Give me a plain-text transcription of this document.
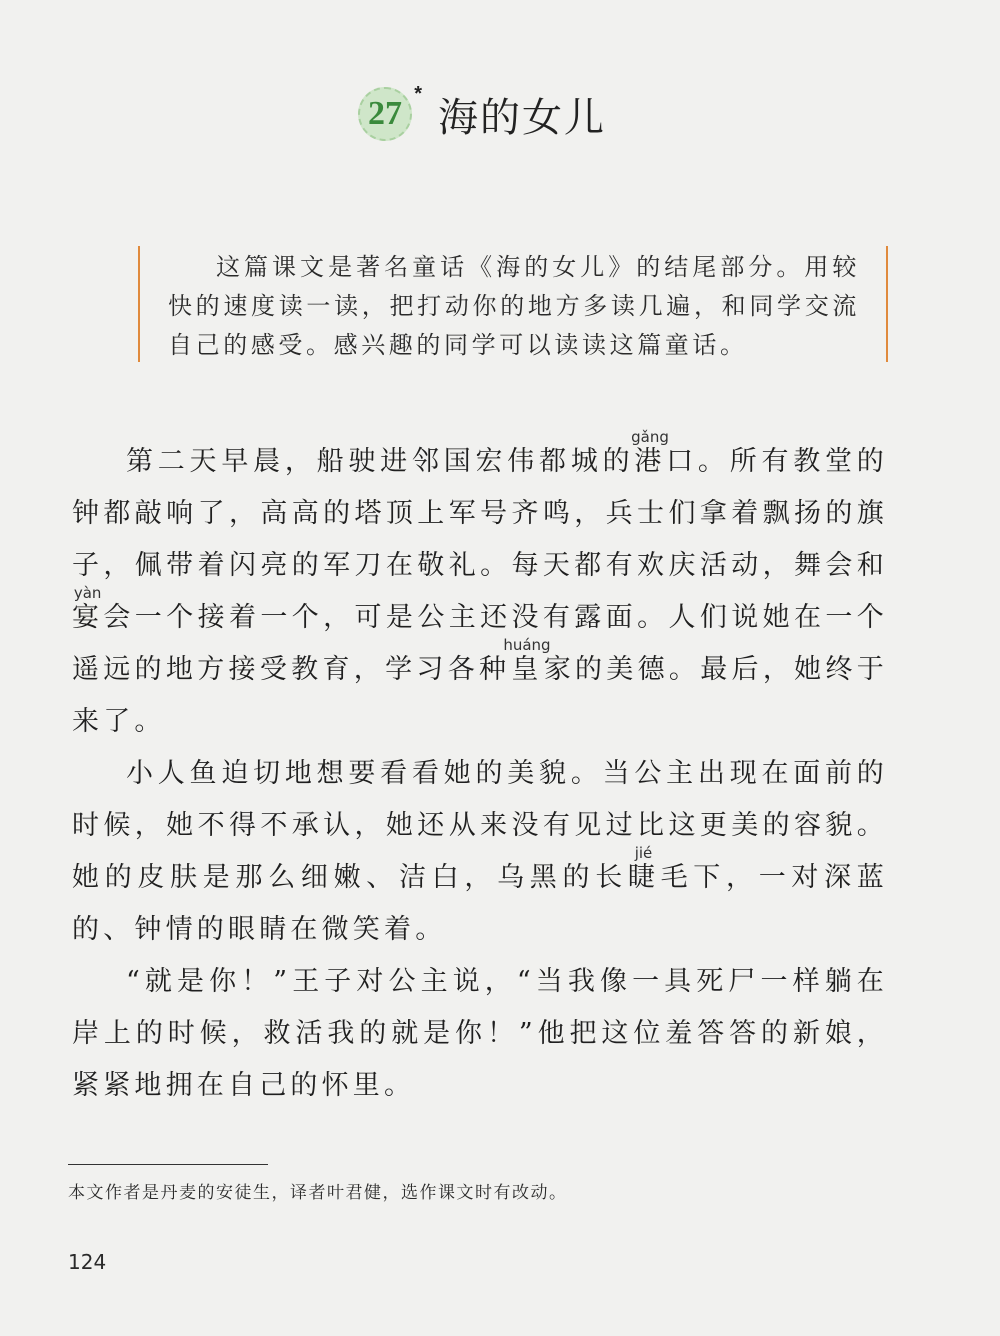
27
*
海的女儿

这篇课文是著名童话《海的女儿》的结尾部分。用较快的速度读一读，把打动你的地方多读几遍，和同学交流自己的感受。感兴趣的同学可以读读这篇童话。

第二天早晨，船驶进邻国宏伟都城的港gǎng口。所有教堂的钟都敲响了，高高的塔顶上军号齐鸣，兵士们拿着飘扬的旗子，佩带着闪亮的军刀在敬礼。每天都有欢庆活动，舞会和宴yàn会一个接着一个，可是公主还没有露面。人们说她在一个遥远的地方接受教育，学习各种皇huáng家的美德。最后，她终于来了。

小人鱼迫切地想要看看她的美貌。当公主出现在面前的时候，她不得不承认，她还从来没有见过比这更美的容貌。她的皮肤是那么细嫩、洁白，乌黑的长睫jié毛下，一对深蓝的、钟情的眼睛在微笑着。

“就是你！”王子对公主说，“当我像一具死尸一样躺在岸上的时候，救活我的就是你！”他把这位羞答答的新娘，紧紧地拥在自己的怀里。

本文作者是丹麦的安徒生，译者叶君健，选作课文时有改动。
124
